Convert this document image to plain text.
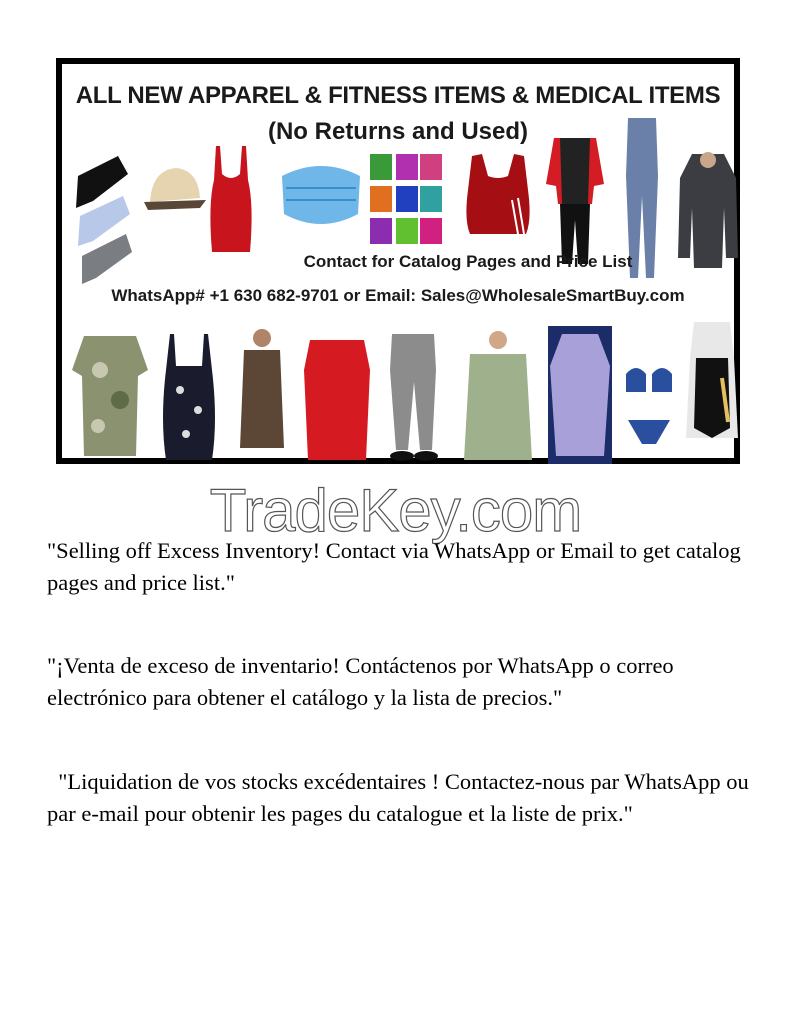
ALL NEW APPAREL & FITNESS ITEMS & MEDICAL ITEMS
(No Returns and Used)
Contact for Catalog Pages and Price List
WhatsApp# +1 630 682-9701 or Email: Sales@WholesaleSmartBuy.com
TradeKey.com

"Selling off Excess Inventory! Contact via WhatsApp or Email to get catalog pages and price list."

"¡Venta de exceso de inventario! Contáctenos por WhatsApp o correo electrónico para obtener el catálogo y la lista de precios."

"Liquidation de vos stocks excédentaires ! Contactez-nous par WhatsApp ou par e-mail pour obtenir les pages du catalogue et la liste de prix."
